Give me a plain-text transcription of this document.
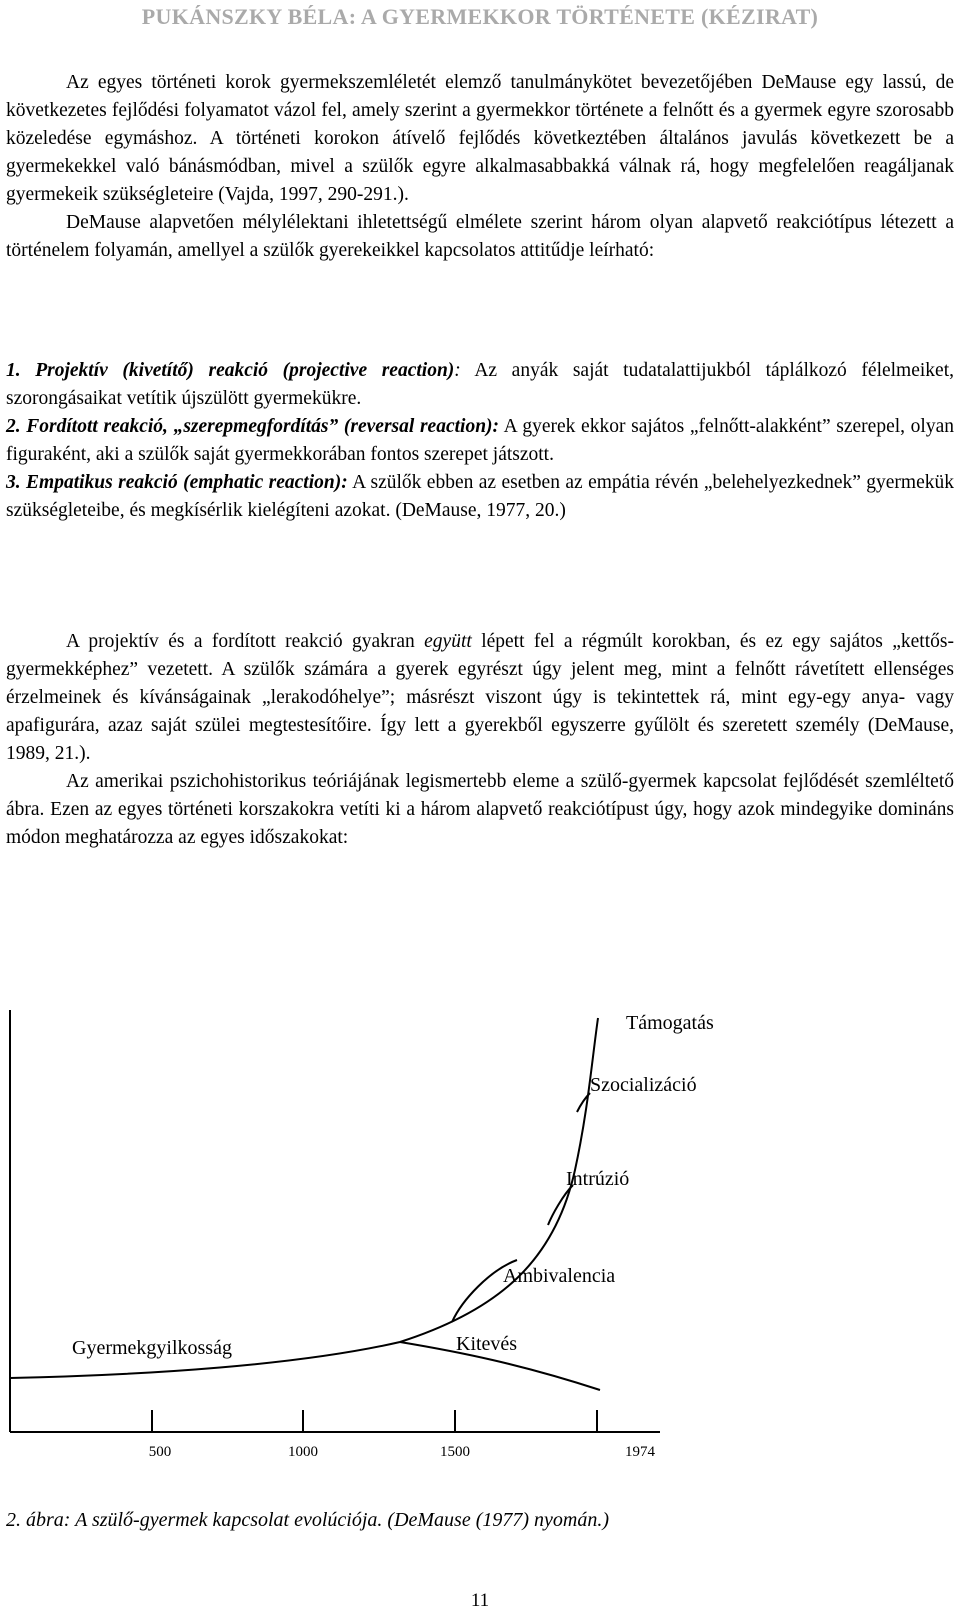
PUKÁNSZKY BÉLA: A GYERMEKKOR TÖRTÉNETE (KÉZIRAT)

Az egyes történeti korok gyermekszemléletét elemző tanulmánykötet bevezetőjében DeMause egy lassú, de következetes fejlődési folyamatot vázol fel, amely szerint a gyermekkor története a felnőtt és a gyermek egyre szorosabb közeledése egymáshoz. A történeti korokon átívelő fejlődés következtében általános javulás következett be a gyermekekkel való bánásmódban, mivel a szülők egyre alkalmasabbakká válnak rá, hogy megfelelően reagáljanak gyermekeik szükségleteire (Vajda, 1997, 290-291.).

DeMause alapvetően mélylélektani ihletettségű elmélete szerint három olyan alapvető reakciótípus létezett a történelem folyamán, amellyel a szülők gyerekeikkel kapcsolatos attitűdje leírható:

1. Projektív (kivetítő) reakció (projective reaction): Az anyák saját tudatalattijukból táplálkozó félelmeiket, szorongásaikat vetítik újszülött gyermekükre.

2. Fordított reakció, „szerepmegfordítás” (reversal reaction): A gyerek ekkor sajátos „felnőtt-alakként” szerepel, olyan figuraként, aki a szülők saját gyermekkorában fontos szerepet játszott.

3. Empatikus reakció (emphatic reaction): A szülők ebben az esetben az empátia révén „belehelyezkednek” gyermekük szükségleteibe, és megkísérlik kielégíteni azokat. (DeMause, 1977, 20.)

A projektív és a fordított reakció gyakran együtt lépett fel a régmúlt korokban, és ez egy sajátos „kettős-gyermekképhez” vezetett. A szülők számára a gyerek egyrészt úgy jelent meg, mint a felnőtt rávetített ellenséges érzelmeinek és kívánságainak „lerakodóhelye”; másrészt viszont úgy is tekintettek rá, mint egy-egy anya- vagy apafigurára, azaz saját szülei megtestesítőire. Így lett a gyerekből egyszerre gyűlölt és szeretett személy (DeMause, 1989, 21.).

Az amerikai pszichohistorikus teóriájának legismertebb eleme a szülő-gyermek kapcsolat fejlődését szemléltető ábra. Ezen az egyes történeti korszakokra vetíti ki a három alapvető reakciótípust úgy, hogy azok mindegyike domináns módon meghatározza az egyes időszakokat:

500	1000	1500	1974
Gyermekgyilkosság	Kitevés
Ambivalencia
Intrúzió
Szocializáció
Támogatás
2. ábra: A szülő-gyermek kapcsolat evolúciója. (DeMause (1977) nyomán.)
11
